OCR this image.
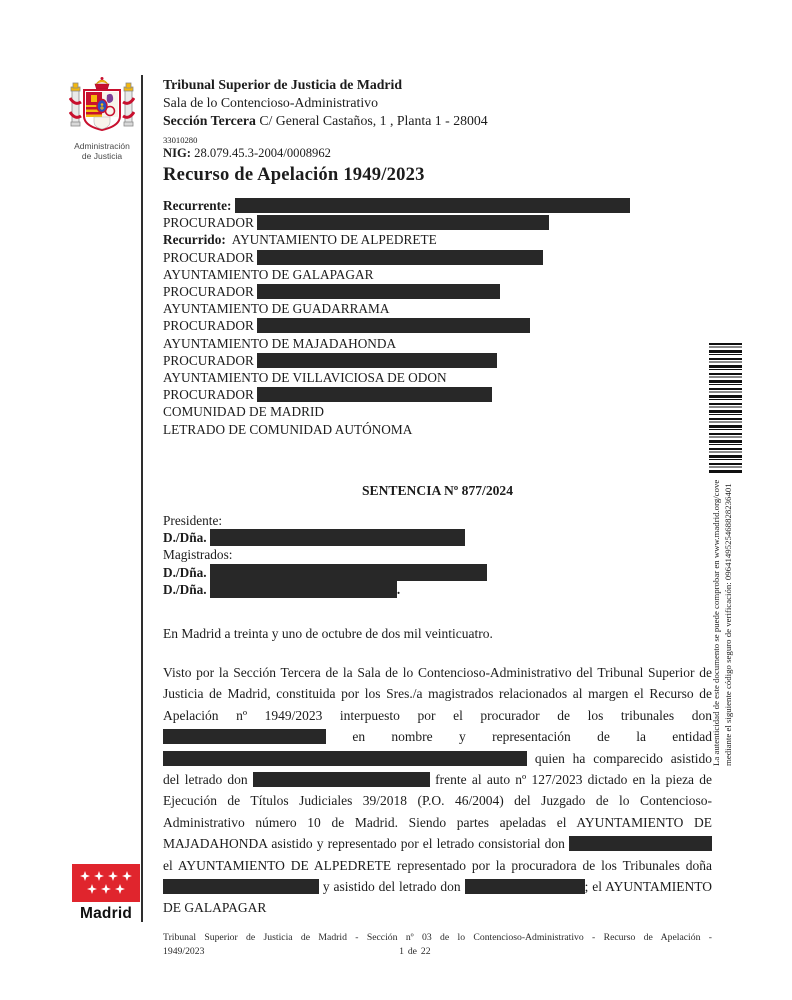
Administración
de Justicia
Tribunal Superior de Justicia de Madrid
Sala de lo Contencioso-Administrativo
Sección Tercera C/ General Castaños, 1 , Planta 1 - 28004
33010280
NIG: 28.079.45.3-2004/0008962
Recurso de Apelación 1949/2023
Recurrente:
PROCURADOR
Recurrido: AYUNTAMIENTO DE ALPEDRETE
PROCURADOR
AYUNTAMIENTO DE GALAPAGAR
PROCURADOR
AYUNTAMIENTO DE GUADARRAMA
PROCURADOR
AYUNTAMIENTO DE MAJADAHONDA
PROCURADOR
AYUNTAMIENTO DE VILLAVICIOSA DE ODON
PROCURADOR
COMUNIDAD DE MADRID
LETRADO DE COMUNIDAD AUTÓNOMA
SENTENCIA Nº 877/2024
Presidente:
D./Dña.
Magistrados:
D./Dña.
D./Dña.	.
En Madrid a treinta y uno de octubre de dos mil veinticuatro.
Visto por la Sección Tercera de la Sala de lo Contencioso-Administrativo del Tribunal Superior de Justicia de Madrid, constituida por los Sres./a magistrados relacionados al margen el Recurso de Apelación nº 1949/2023 interpuesto por el procurador de los tribunales don  en nombre y representación de la entidad  quien ha comparecido asistido del letrado don	frente al auto nº 127/2023 dictado en la pieza de Ejecución de Títulos Judiciales 39/2018 (P.O. 46/2004) del Juzgado de lo Contencioso-Administrativo número 10 de Madrid. Siendo partes apeladas el AYUNTAMIENTO DE MAJADAHONDA asistido y representado por el letrado consistorial don  el AYUNTAMIENTO DE ALPEDRETE representado por la procuradora de los Tribunales doña  y asistido del letrado don	; el AYUNTAMIENTO DE GALAPAGAR
Madrid
Tribunal Superior de Justicia de Madrid - Sección nº 03 de lo Contencioso-Administrativo - Recurso de Apelación -
1949/2023	1 de 22
La autenticidad de este documento se puede comprobar en www.madrid.org/cove mediante el siguiente código seguro de verificación: 0964149525468828236401
